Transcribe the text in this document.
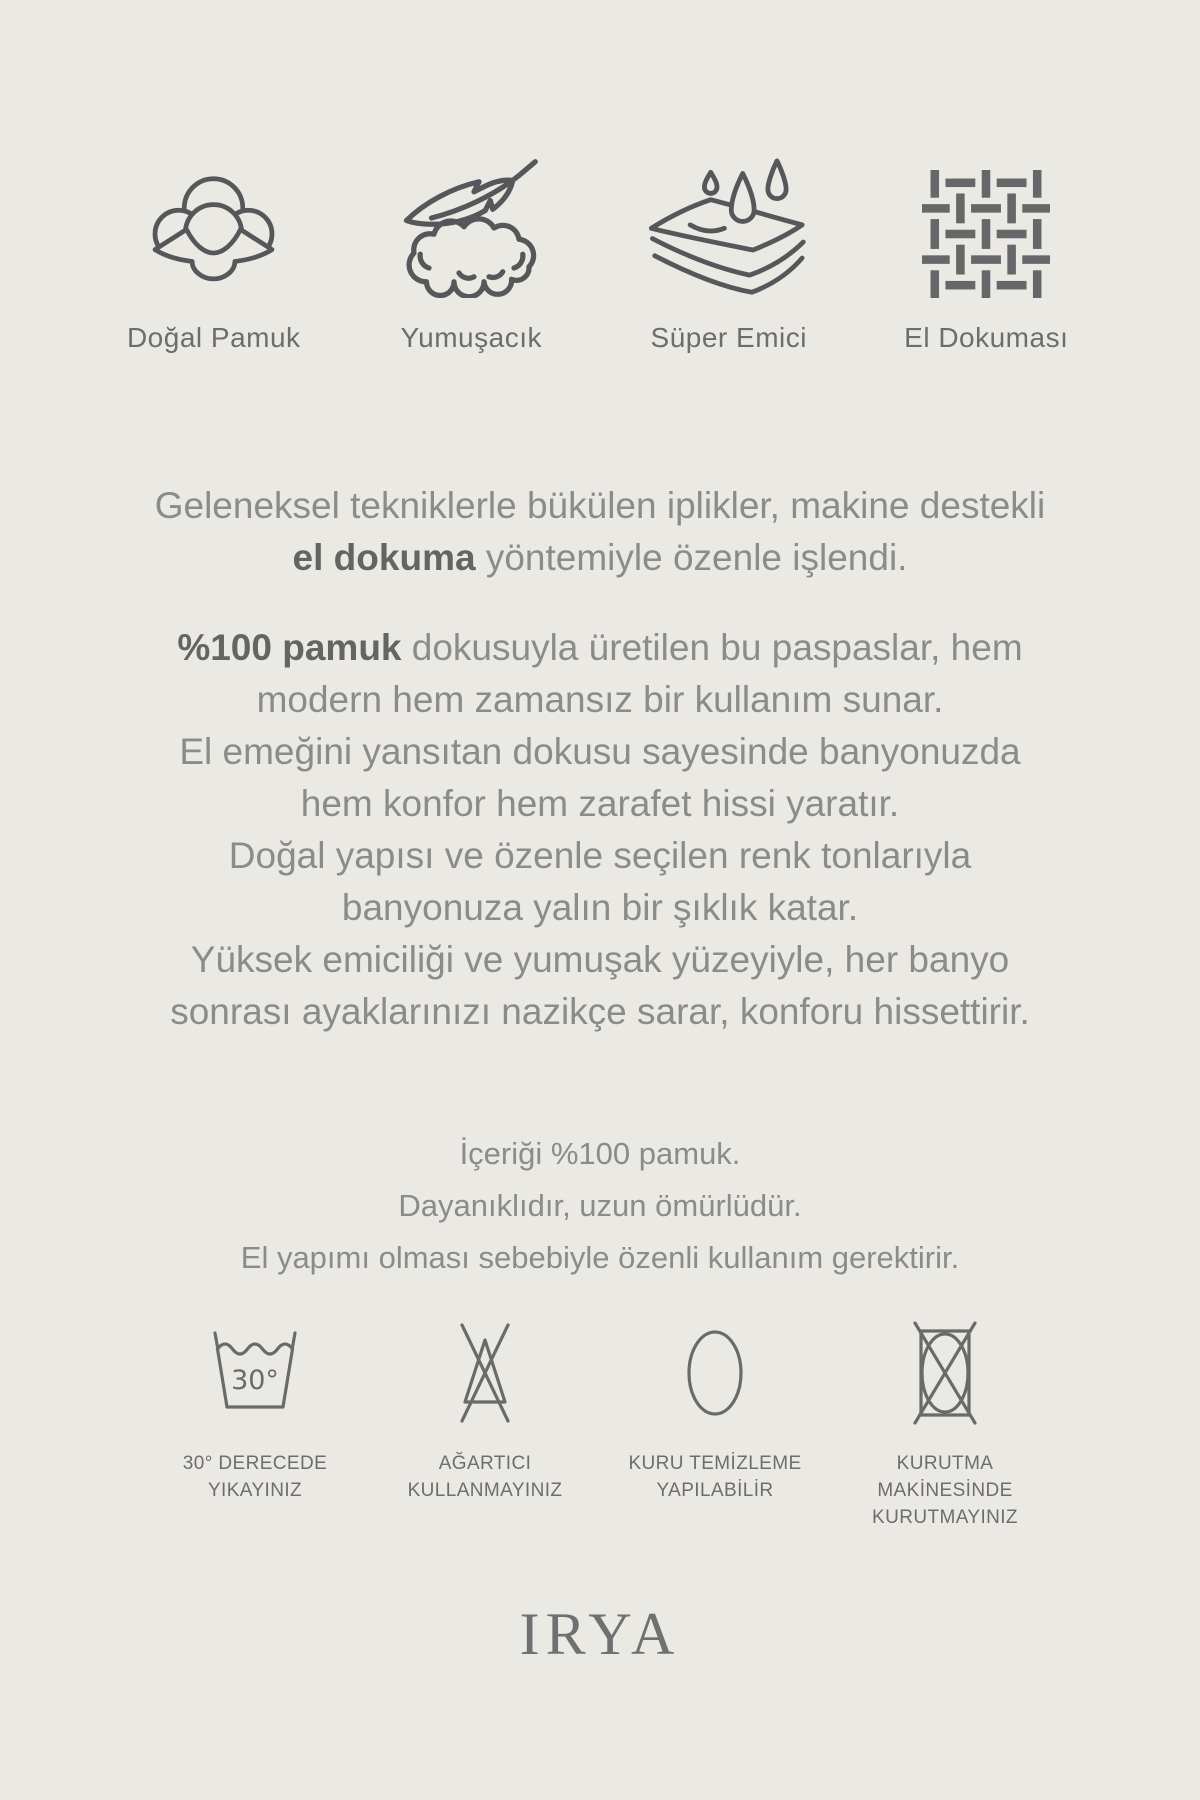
Doğal Pamuk	Yumuşacık	Süper Emici	El Dokuması
Geleneksel tekniklerle bükülen iplikler, makine destekli
el dokuma yöntemiyle özenle işlendi.
%100 pamuk dokusuyla üretilen bu paspaslar, hem
modern hem zamansız bir kullanım sunar.
El emeğini yansıtan dokusu sayesinde banyonuzda
hem konfor hem zarafet hissi yaratır.
Doğal yapısı ve özenle seçilen renk tonlarıyla
banyonuza yalın bir şıklık katar.
Yüksek emiciliği ve yumuşak yüzeyiyle, her banyo
sonrası ayaklarınızı nazikçe sarar, konforu hissettirir.
İçeriği %100 pamuk.
Dayanıklıdır, uzun ömürlüdür.
El yapımı olması sebebiyle özenli kullanım gerektirir.
30°
30° DERECEDE
YIKAYINIZ
AĞARTICI
KULLANMAYINIZ
KURU TEMİZLEME
YAPILABİLİR
KURUTMA MAKİNESİNDE
KURUTMAYINIZ
IRYA
